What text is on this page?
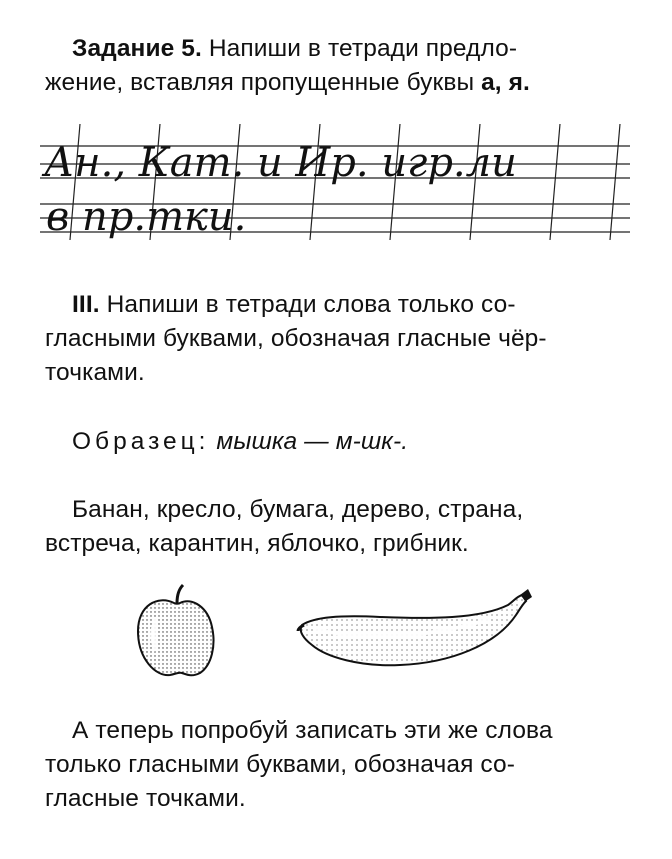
Задание 5. Напиши в тетради предло-
жение, вставляя пропущенные буквы а, я.
Ан., Кат. и Ир. игр.ли
в пр.тки.
III. Напиши в тетради слова только со-
гласными буквами, обозначая гласные чёр-
точками.
Образец: мышка — м-шк-.
Банан, кресло, бумага, дерево, страна,
встреча, карантин, яблочко, грибник.
А теперь попробуй записать эти же слова
только гласными буквами, обозначая со-
гласные точками.
